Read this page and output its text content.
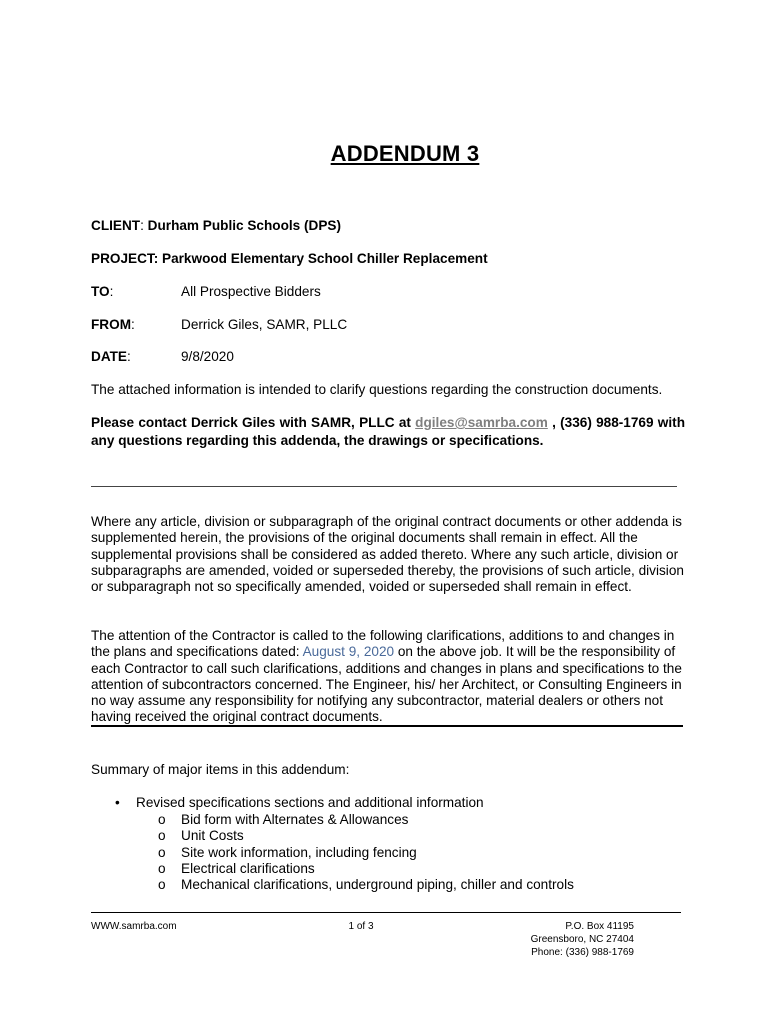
ADDENDUM 3
CLIENT: Durham Public Schools (DPS)
PROJECT: Parkwood Elementary School Chiller Replacement
TO:	All Prospective Bidders
FROM:	Derrick Giles, SAMR, PLLC
DATE:	9/8/2020
The attached information is intended to clarify questions regarding the construction documents.
Please contact Derrick Giles with SAMR, PLLC at dgiles@samrba.com , (336) 988-1769 with any questions regarding this addenda, the drawings or specifications.
Where any article, division or subparagraph of the original contract documents or other addenda is supplemented herein, the provisions of the original documents shall remain in effect. All the supplemental provisions shall be considered as added thereto. Where any such article, division or subparagraphs are amended, voided or superseded thereby, the provisions of such article, division or subparagraph not so specifically amended, voided or superseded shall remain in effect.
The attention of the Contractor is called to the following clarifications, additions to and changes in the plans and specifications dated: August 9, 2020 on the above job. It will be the responsibility of each Contractor to call such clarifications, additions and changes in plans and specifications to the attention of subcontractors concerned. The Engineer, his/ her Architect, or Consulting Engineers in no way assume any responsibility for notifying any subcontractor, material dealers or others not having received the original contract documents.
Summary of major items in this addendum:
• Revised specifications sections and additional information
o Bid form with Alternates & Allowances
o Unit Costs
o Site work information, including fencing
o Electrical clarifications
o Mechanical clarifications, underground piping, chiller and controls
WWW.samrba.com	1 of 3	P.O. Box 41195
Greensboro, NC 27404
Phone: (336) 988-1769
